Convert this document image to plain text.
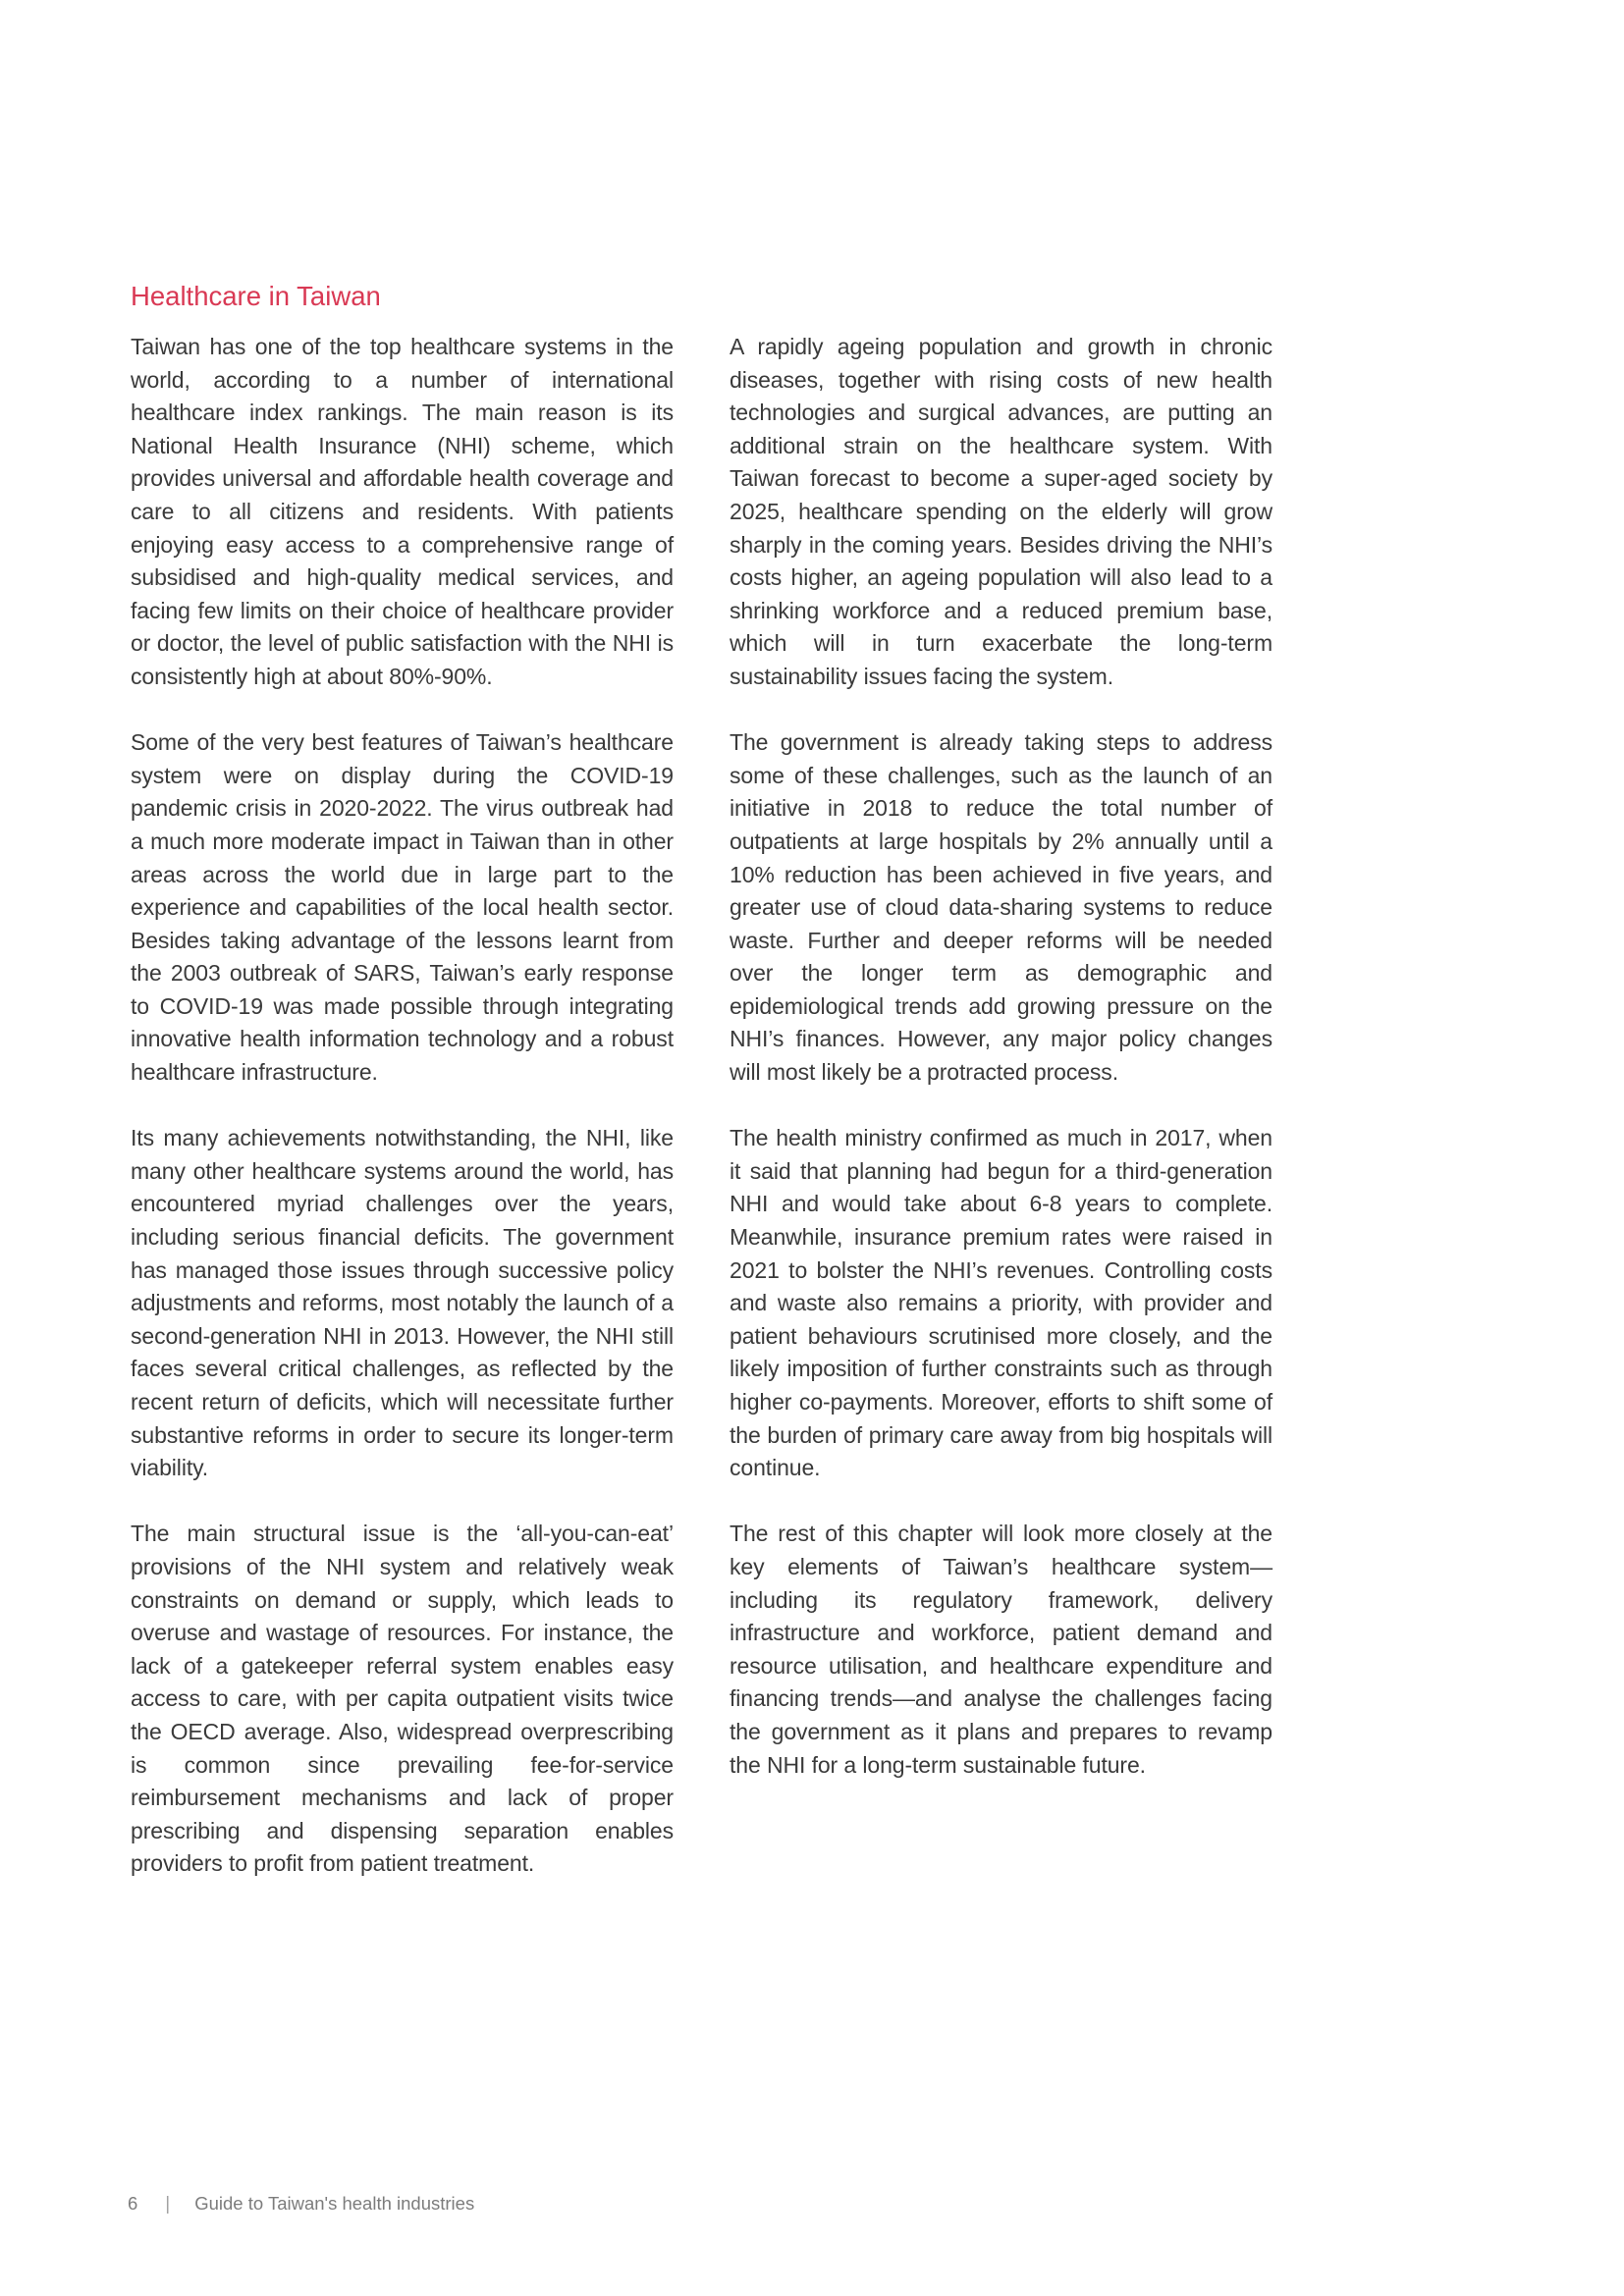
Healthcare in Taiwan

Taiwan has one of the top healthcare systems in the world, according to a number of international healthcare index rankings. The main reason is its National Health Insurance (NHI) scheme, which provides universal and affordable health coverage and care to all citizens and residents. With patients enjoying easy access to a comprehensive range of subsidised and high-quality medical services, and facing few limits on their choice of healthcare provider or doctor, the level of public satisfaction with the NHI is consistently high at about 80%-90%.

Some of the very best features of Taiwan’s healthcare system were on display during the COVID-19 pandemic crisis in 2020-2022. The virus outbreak had a much more moderate impact in Taiwan than in other areas across the world due in large part to the experience and capabilities of the local health sector. Besides taking advantage of the lessons learnt from the 2003 outbreak of SARS, Taiwan’s early response to COVID-19 was made possible through integrating innovative health information technology and a robust healthcare infrastructure.

Its many achievements notwithstanding, the NHI, like many other healthcare systems around the world, has encountered myriad challenges over the years, including serious financial deficits. The government has managed those issues through successive policy adjustments and reforms, most notably the launch of a second-generation NHI in 2013. However, the NHI still faces several critical challenges, as reflected by the recent return of deficits, which will necessitate further substantive reforms in order to secure its longer-term viability.

The main structural issue is the ‘all-you-can-eat’ provisions of the NHI system and relatively weak constraints on demand or supply, which leads to overuse and wastage of resources. For instance, the lack of a gatekeeper referral system enables easy access to care, with per capita outpatient visits twice the OECD average. Also, widespread overprescribing is common since prevailing fee-for-service reimbursement mechanisms and lack of proper prescribing and dispensing separation enables providers to profit from patient treatment.

A rapidly ageing population and growth in chronic diseases, together with rising costs of new health technologies and surgical advances, are putting an additional strain on the healthcare system. With Taiwan forecast to become a super-aged society by 2025, healthcare spending on the elderly will grow sharply in the coming years. Besides driving the NHI’s costs higher, an ageing population will also lead to a shrinking workforce and a reduced premium base, which will in turn exacerbate the long-term sustainability issues facing the system.

The government is already taking steps to address some of these challenges, such as the launch of an initiative in 2018 to reduce the total number of outpatients at large hospitals by 2% annually until a 10% reduction has been achieved in five years, and greater use of cloud data-sharing systems to reduce waste. Further and deeper reforms will be needed over the longer term as demographic and epidemiological trends add growing pressure on the NHI’s finances. However, any major policy changes will most likely be a protracted process.

The health ministry confirmed as much in 2017, when it said that planning had begun for a third-generation NHI and would take about 6-8 years to complete. Meanwhile, insurance premium rates were raised in 2021 to bolster the NHI’s revenues. Controlling costs and waste also remains a priority, with provider and patient behaviours scrutinised more closely, and the likely imposition of further constraints such as through higher co-payments. Moreover, efforts to shift some of the burden of primary care away from big hospitals will continue.

The rest of this chapter will look more closely at the key elements of Taiwan’s healthcare system—including its regulatory framework, delivery infrastructure and workforce, patient demand and resource utilisation, and healthcare expenditure and financing trends—and analyse the challenges facing the government as it plans and prepares to revamp the NHI for a long-term sustainable future.

6 | Guide to Taiwan's health industries
